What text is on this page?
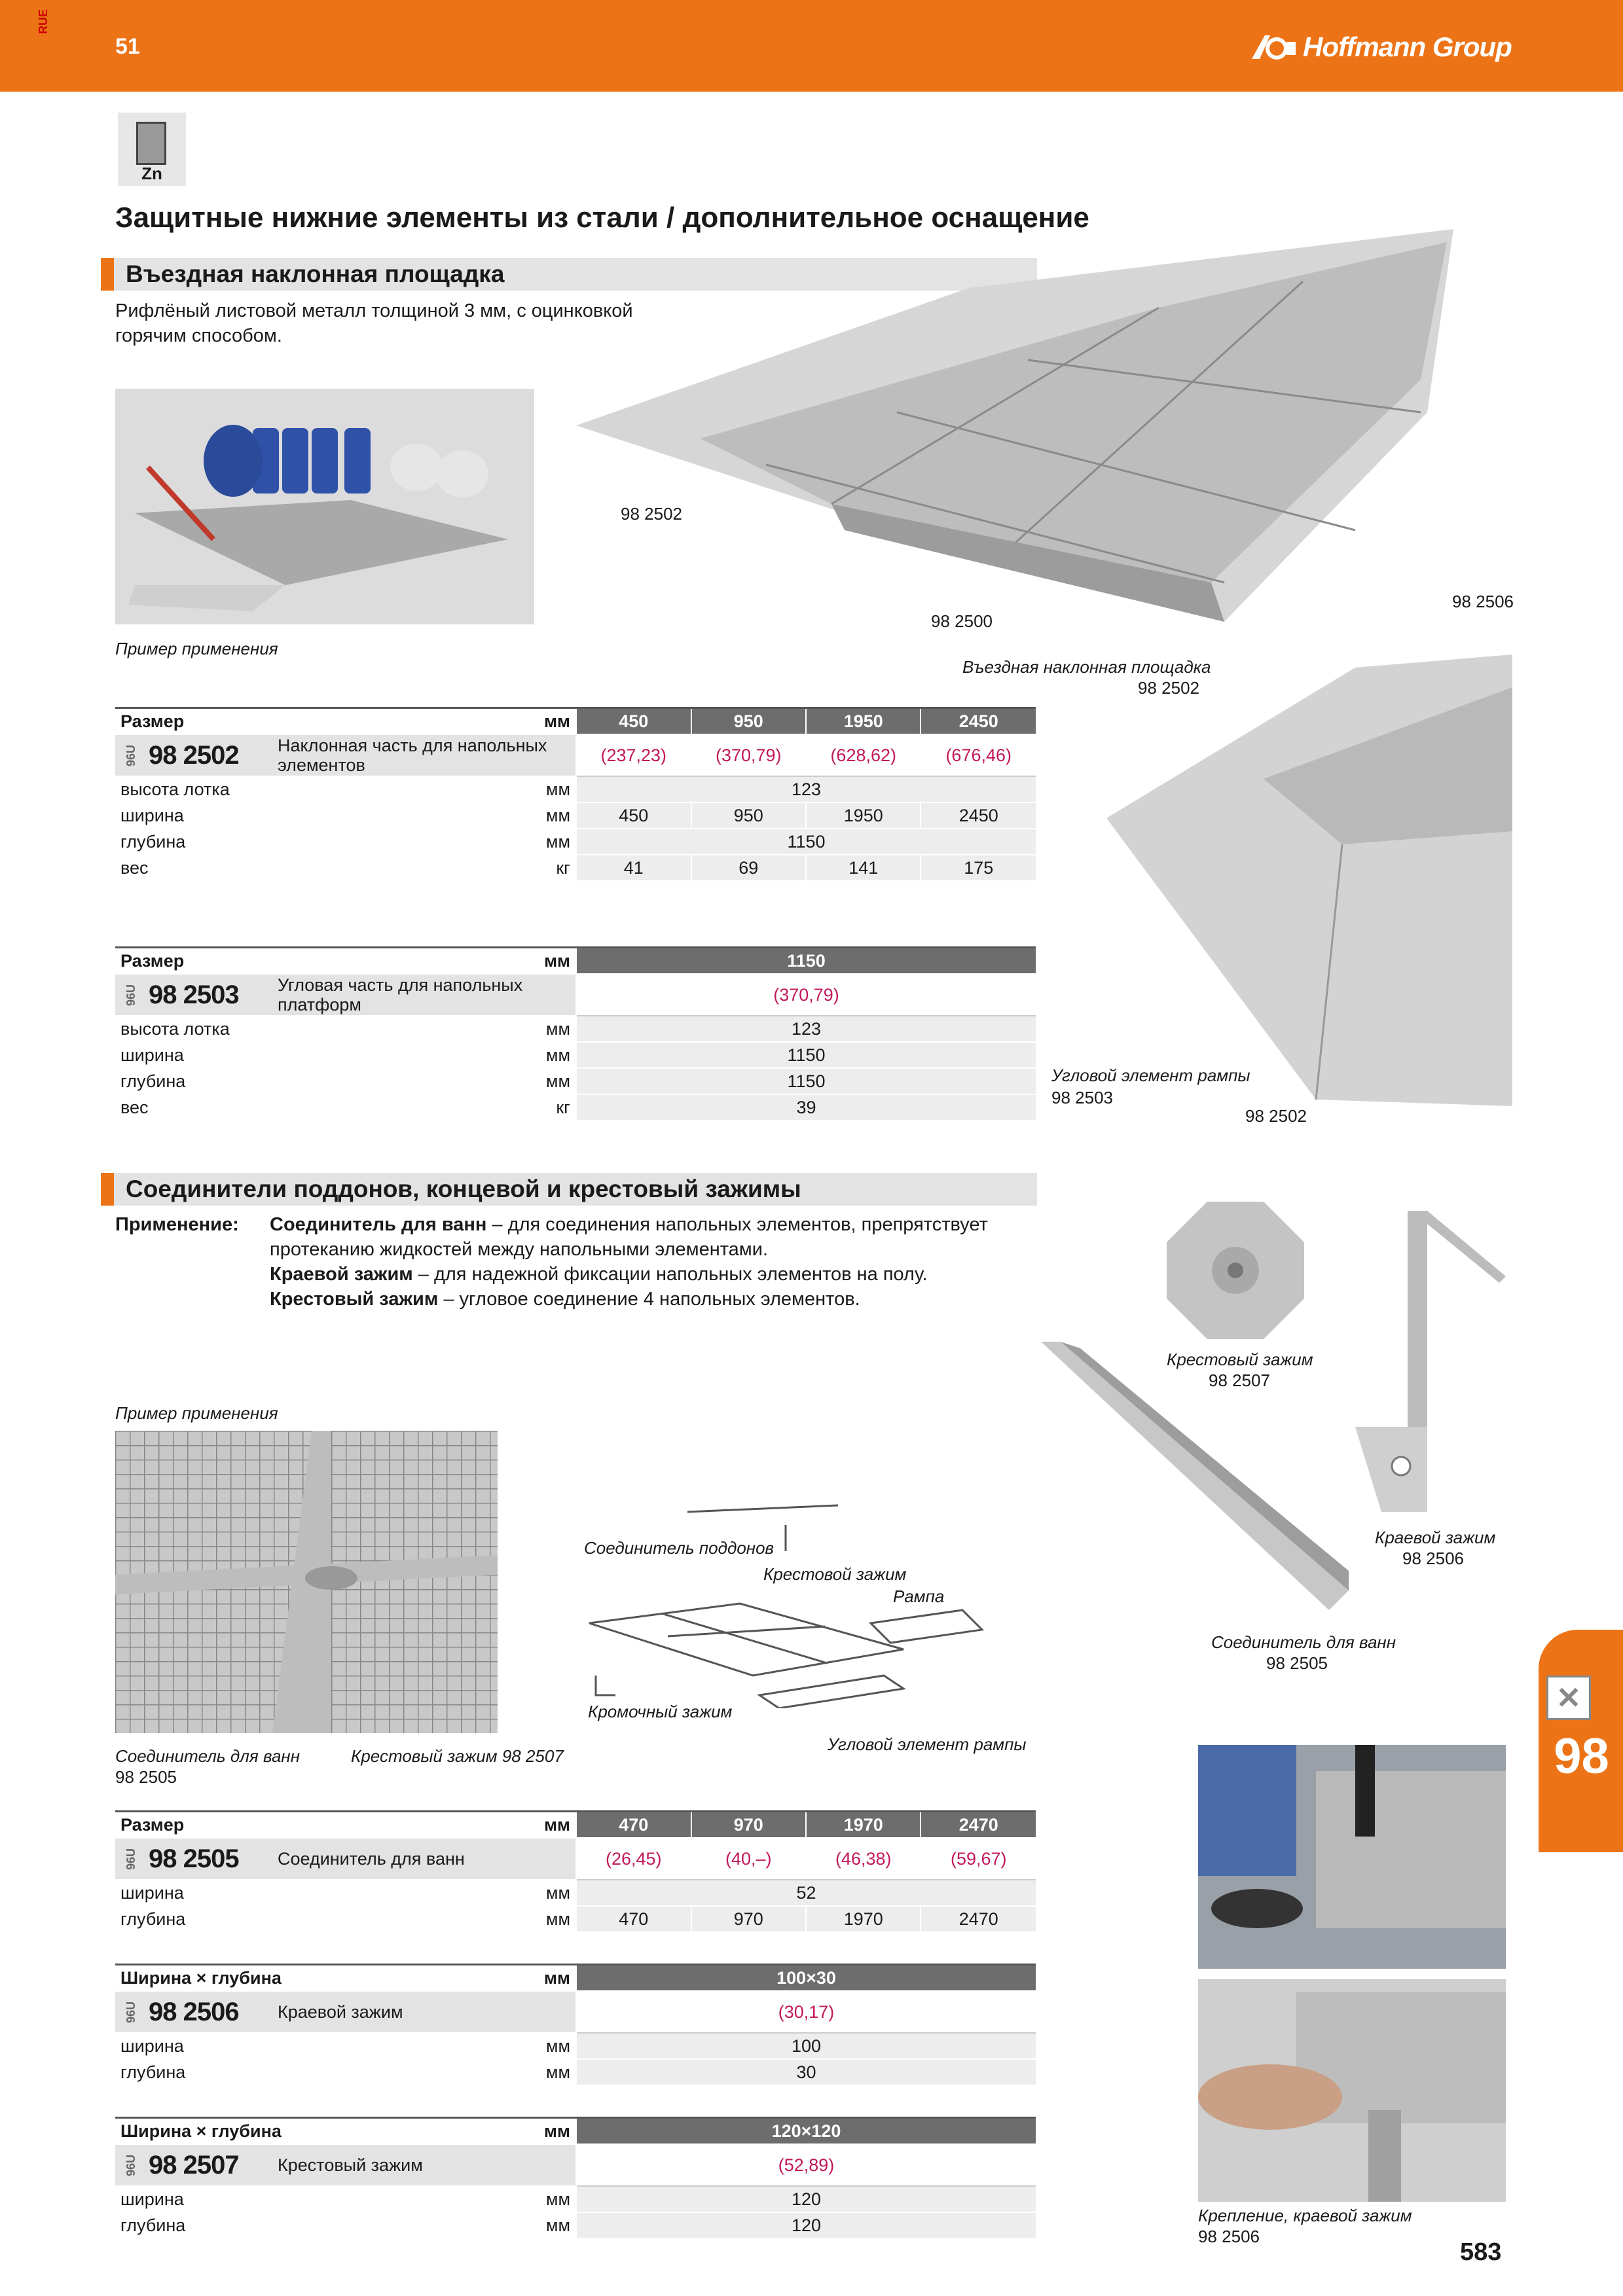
RUE
51	Hoffmann Group
Zn
Защитные нижние элементы из стали / дополнительное оснащение
Въездная наклонная площадка
Рифлёный листовой металл толщиной 3 мм, с оцинковкой горячим способом.
Пример применения
98 2502
98 2500
98 2506
Въездная наклонная площадка
98 2502
Угловой элемент рампы
98 2503
98 2502
Размер		мм	450	950	1950	2450

96U 98 2502	Наклонная часть для напольных элементов		(237,23)	(370,79)	(628,62)	(676,46)
высота лотка		мм	123			
ширина		мм	450	950	1950	2450
глубина		мм	1150			
вес		кг	41	69	141	175
Размер		мм	1150

96U 98 2503	Угловая часть для напольных платформ		(370,79)
высота лотка		мм	123
ширина		мм	1150
глубина		мм	1150
вес		кг	39
Соединители поддонов, концевой и крестовый зажимы
Применение: Соединитель для ванн – для соединения напольных элементов, препрятствует
протеканию жидкостей между напольными элементами.
Краевой зажим – для надежной фиксации напольных элементов на полу.
Крестовый зажим – угловое соединение 4 напольных элементов.
Крестовый зажим
98 2507
Краевой зажим
98 2506
Соединитель для ванн
98 2505
Пример применения
Соединитель для ванн
98 2505
Крестовый зажим 98 2507
Соединитель поддонов
Крестовой зажим
Рампа
Кромочный зажим
Угловой элемент рампы
Размер		мм	470	970	1970	2470

96U 98 2505	Соединитель для ванн		(26,45)	(40,–)	(46,38)	(59,67)
ширина		мм	52			
глубина		мм	470	970	1970	2470
Ширина × глубина		мм	100×30

96U 98 2506	Краевой зажим		(30,17)
ширина		мм	100
глубина		мм	30
Ширина × глубина		мм	120×120

96U 98 2507	Крестовый зажим		(52,89)
ширина		мм	120
глубина		мм	120	Крепление, краевой зажим
98 2506
✕
98
583
